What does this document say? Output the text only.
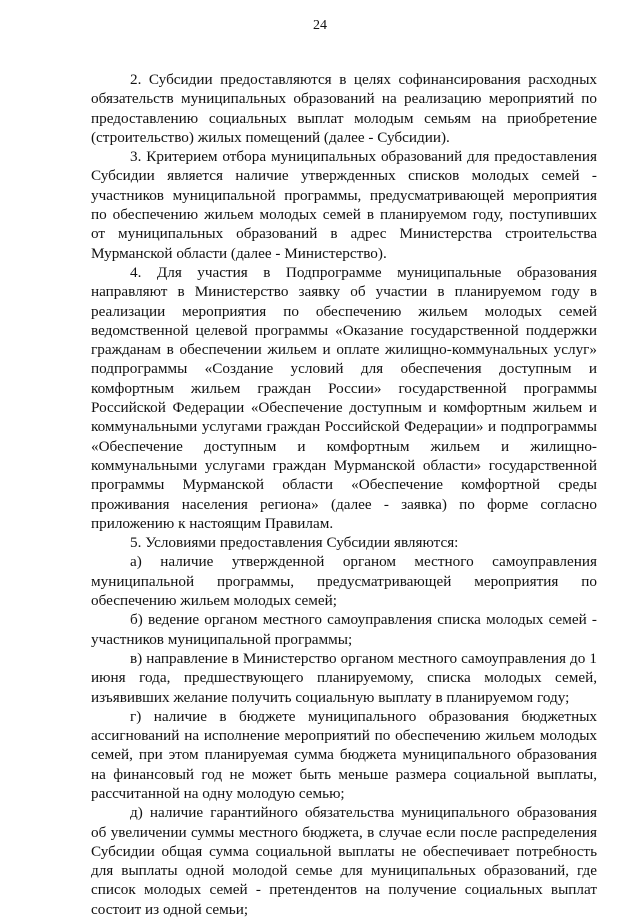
24

2. Субсидии предоставляются в целях софинансирования расходных обязательств муниципальных образований на реализацию мероприятий по предоставлению социальных выплат молодым семьям на приобретение (строительство) жилых помещений (далее - Субсидии).

3. Критерием отбора муниципальных образований для предоставления Субсидии является наличие утвержденных списков молодых семей - участников муниципальной программы, предусматривающей мероприятия по обеспечению жильем молодых семей в планируемом году, поступивших от муниципальных образований в адрес Министерства строительства Мурманской области (далее - Министерство).

4. Для участия в Подпрограмме муниципальные образования направляют в Министерство заявку об участии в планируемом году в реализации мероприятия по обеспечению жильем молодых семей ведомственной целевой программы «Оказание государственной поддержки гражданам в обеспечении жильем и оплате жилищно-коммунальных услуг» подпрограммы «Создание условий для обеспечения доступным и комфортным жильем граждан России» государственной программы Российской Федерации «Обеспечение доступным и комфортным жильем и коммунальными услугами граждан Российской Федерации» и подпрограммы «Обеспечение доступным и комфортным жильем и жилищно-коммунальными услугами граждан Мурманской области» государственной программы Мурманской области «Обеспечение комфортной среды проживания населения региона» (далее - заявка) по форме согласно приложению к настоящим Правилам.

5. Условиями предоставления Субсидии являются:

а) наличие утвержденной органом местного самоуправления муниципальной программы, предусматривающей мероприятия по обеспечению жильем молодых семей;

б) ведение органом местного самоуправления списка молодых семей - участников муниципальной программы;

в) направление в Министерство органом местного самоуправления до 1 июня года, предшествующего планируемому, списка молодых семей, изъявивших желание получить социальную выплату в планируемом году;

г) наличие в бюджете муниципального образования бюджетных ассигнований на исполнение мероприятий по обеспечению жильем молодых семей, при этом планируемая сумма бюджета муниципального образования на финансовый год не может быть меньше размера социальной выплаты, рассчитанной на одну молодую семью;

д) наличие гарантийного обязательства муниципального образования об увеличении суммы местного бюджета, в случае если после распределения Субсидии общая сумма социальной выплаты не обеспечивает потребность для выплаты одной молодой семье для муниципальных образований, где список молодых семей - претендентов на получение социальных выплат состоит из одной семьи;
